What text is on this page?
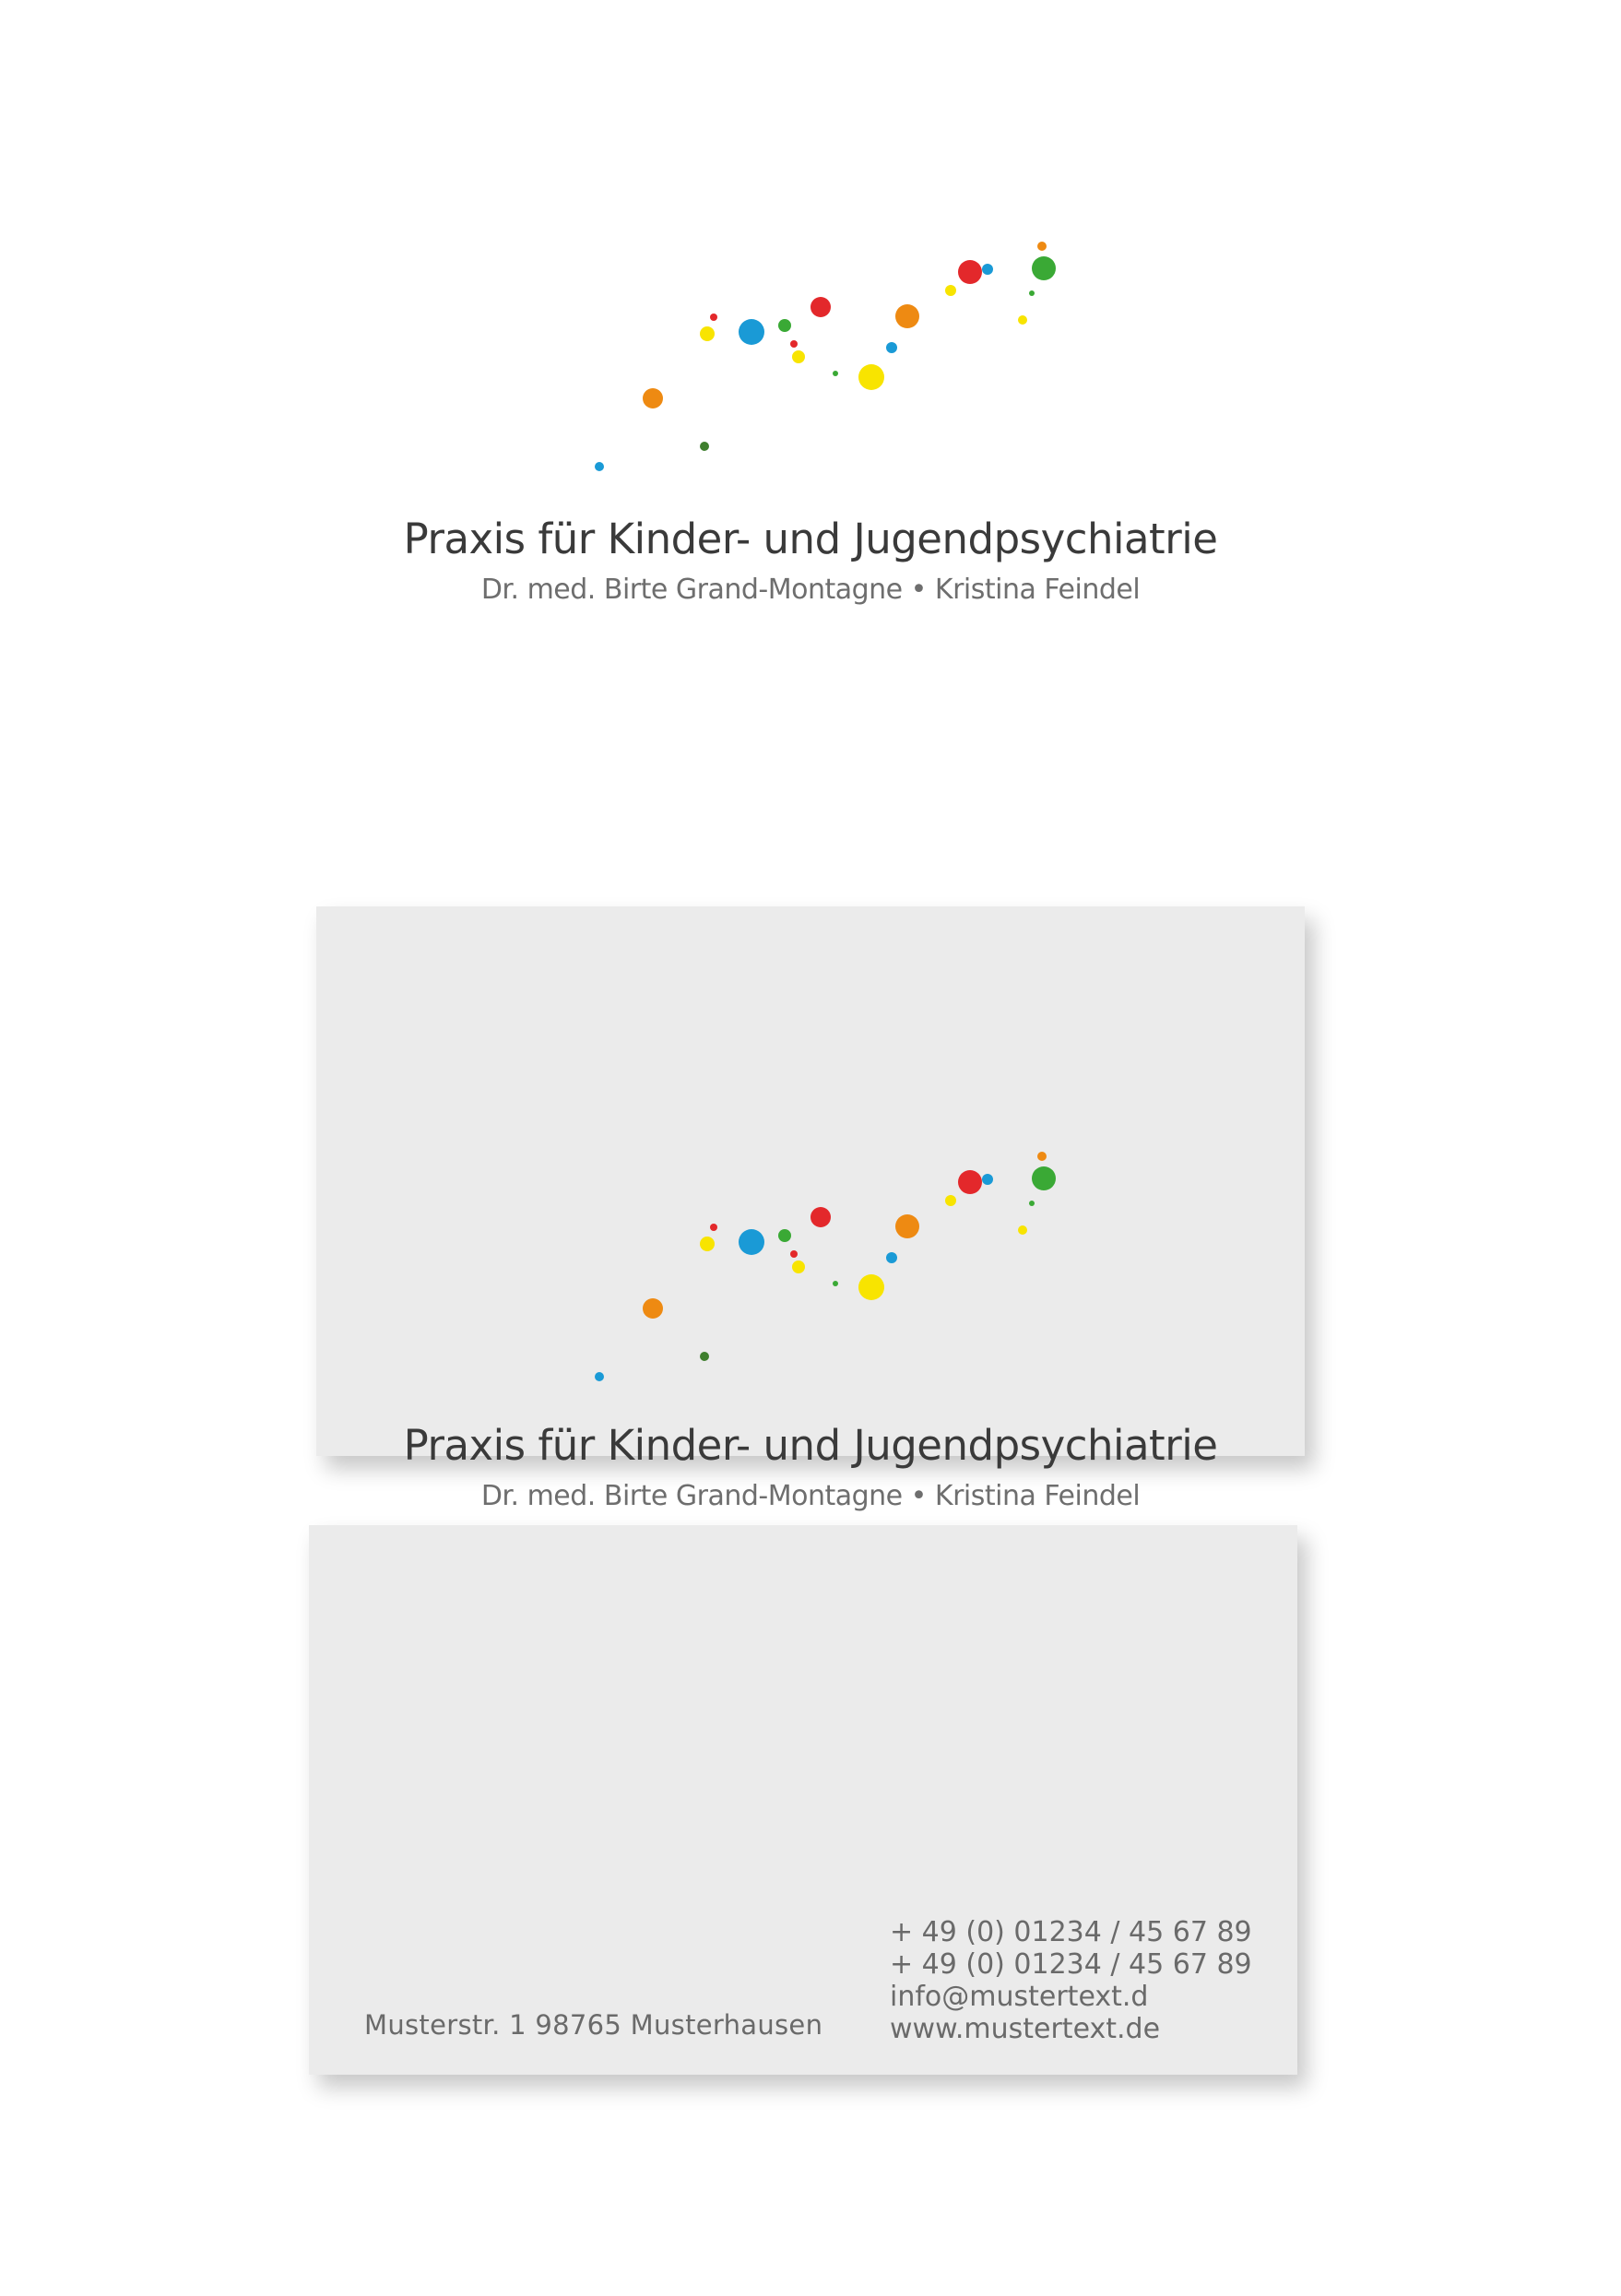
Praxis für Kinder- und Jugendpsychiatrie
Dr. med. Birte Grand-Montagne • Kristina Feindel
Praxis für Kinder- und Jugendpsychiatrie
Dr. med. Birte Grand-Montagne • Kristina Feindel
+ 49 (0) 01234 / 45 67 89
+ 49 (0) 01234 / 45 67 89
info@mustertext.d
www.mustertext.de
Musterstr. 1 98765 Musterhausen
